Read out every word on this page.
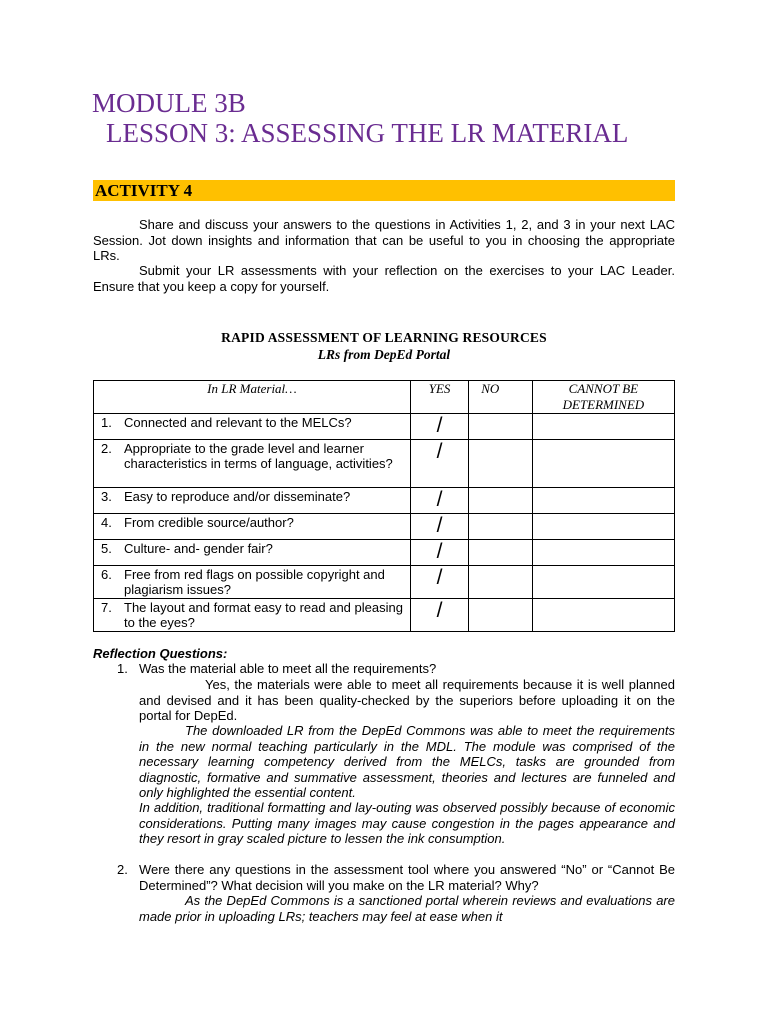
MODULE 3B
LESSON 3: ASSESSING THE LR MATERIAL
ACTIVITY 4

Share and discuss your answers to the questions in Activities 1, 2, and 3 in your next LAC Session. Jot down insights and information that can be useful to you in choosing the appropriate LRs.

Submit your LR assessments with your reflection on the exercises to your LAC Leader. Ensure that you keep a copy for yourself.

RAPID ASSESSMENT OF LEARNING RESOURCES
LRs from DepEd Portal
In LR Material…	YES	NO	CANNOT BE DETERMINED

1. Connected and relevant to the MELCs?	/		

2. Appropriate to the grade level and learner characteristics in terms of language, activities?	/		

3. Easy to reproduce and/or disseminate?	/		

4. From credible source/author?	/		

5. Culture- and- gender fair?	/		

6. Free from red flags on possible copyright and plagiarism issues?	/		

7. The layout and format easy to read and pleasing to the eyes?	/		
Reflection Questions:
1. Was the material able to meet all the requirements?

Yes, the materials were able to meet all requirements because it is well planned and devised and it has been quality-checked by the superiors before uploading it on the portal for DepEd.

The downloaded LR from the DepEd Commons was able to meet the requirements in the new normal teaching particularly in the MDL. The module was comprised of the necessary learning competency derived from the MELCs, tasks are grounded from diagnostic, formative and summative assessment, theories and lectures are funneled and only highlighted the essential content.

In addition, traditional formatting and lay-outing was observed possibly because of economic considerations. Putting many images may cause congestion in the pages appearance and they resort in gray scaled picture to lessen the ink consumption.

2. Were there any questions in the assessment tool where you answered “No” or “Cannot Be Determined”? What decision will you make on the LR material? Why?

As the DepEd Commons is a sanctioned portal wherein reviews and evaluations are made prior in uploading LRs; teachers may feel at ease when it
